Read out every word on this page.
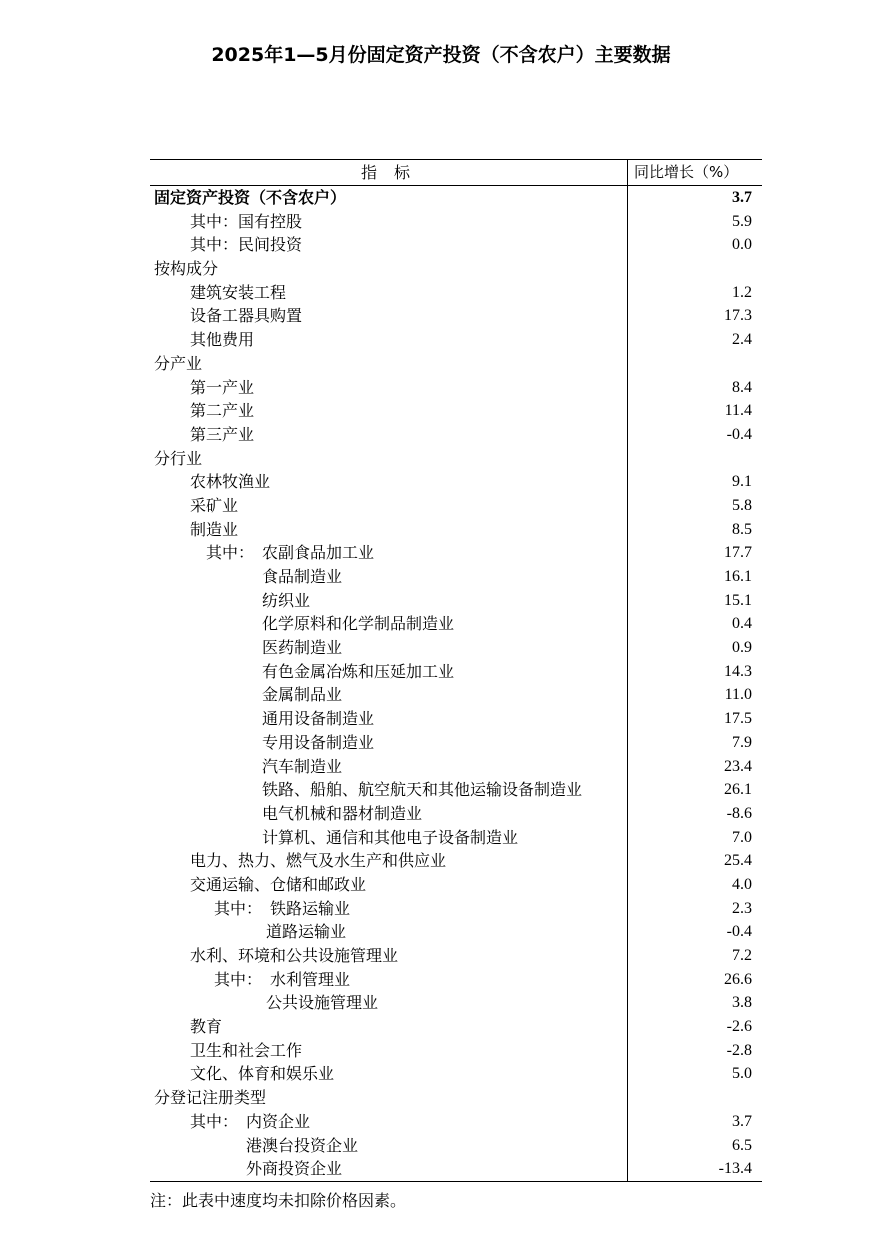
2025年1—5月份固定资产投资（不含农户）主要数据
指 标	同比增长（%）
固定资产投资（不含农户）	3.7
其中：国有控股	5.9
其中：民间投资	0.0
按构成分
建筑安装工程	1.2
设备工器具购置	17.3
其他费用	2.4
分产业
第一产业	8.4
第二产业	11.4
第三产业	-0.4
分行业
农林牧渔业	9.1
采矿业	5.8
制造业	8.5
其中： 农副食品加工业	17.7
食品制造业	16.1
纺织业	15.1
化学原料和化学制品制造业	0.4
医药制造业	0.9
有色金属冶炼和压延加工业	14.3
金属制品业	11.0
通用设备制造业	17.5
专用设备制造业	7.9
汽车制造业	23.4
铁路、船舶、航空航天和其他运输设备制造业	26.1
电气机械和器材制造业	-8.6
计算机、通信和其他电子设备制造业	7.0
电力、热力、燃气及水生产和供应业	25.4
交通运输、仓储和邮政业	4.0
其中： 铁路运输业	2.3
道路运输业	-0.4
水利、环境和公共设施管理业	7.2
其中： 水利管理业	26.6
公共设施管理业	3.8
教育	-2.6
卫生和社会工作	-2.8
文化、体育和娱乐业	5.0
分登记注册类型
其中： 内资企业	3.7
港澳台投资企业	6.5
外商投资企业	-13.4
注：此表中速度均未扣除价格因素。
